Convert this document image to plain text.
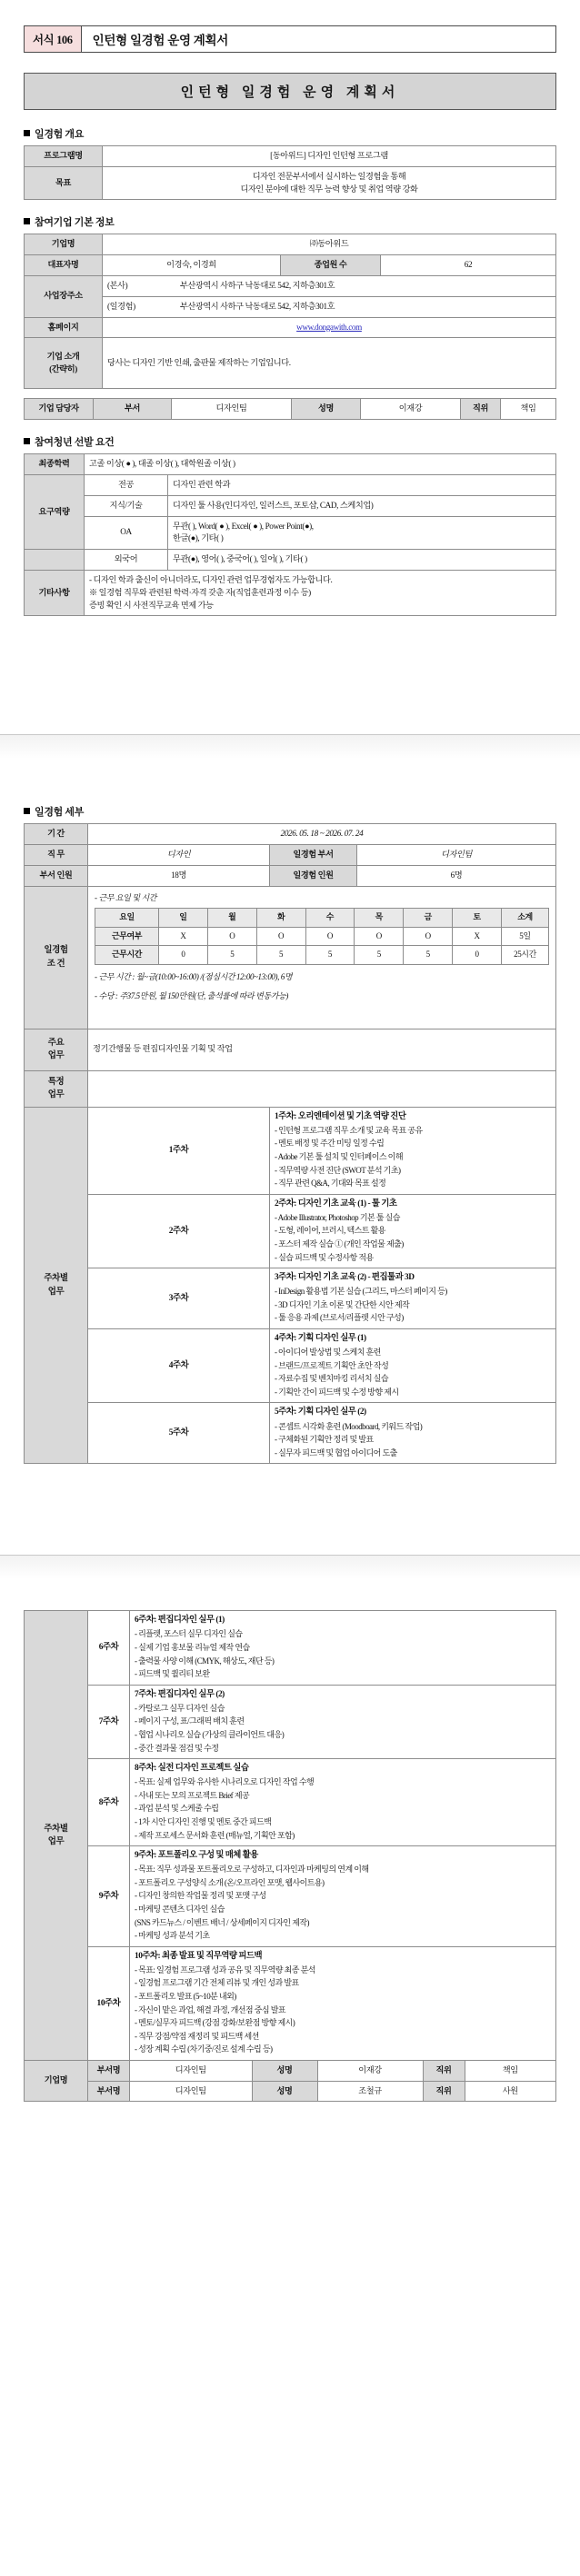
서식 106	인턴형 일경험 운영 계획서
인턴형 일경험 운영 계획서
일경험 개요
프로그램명	[동아위드] 디자인 인턴형 프로그램
목표	디자인 전문부서에서 실시하는 일경험을 통해
디자인 분야에 대한 직무 능력 향상 및 취업 역량 강화
참여기업 기본 정보
기업명	㈜동아위드		
대표자명	이경숙, 이경희	종업원 수	62
사업장주소	(본사) 부산광역시 사하구 낙동대로 542, 지하층301호		
	(일경험) 부산광역시 사하구 낙동대로 542, 지하층301호		
홈페이지	www.dongawith.com		

기업 소개
(간략히)	당사는 디자인 기반 인쇄, 출판물 제작하는 기업입니다.		
기업 담당자	부서	디자인팀	성명	이재강	직위	책임
참여청년 선발 요건
최종학력	고졸 이상( ● ), 대졸 이상( ), 대학원졸 이상( )	
요구역량	전공	디자인 관련 학과
	지식/기술	디자인 툴 사용(인디자인, 일러스트, 포토샵, CAD, 스케치업)
	OA	무관( ), Word( ● ), Excel( ● ), Power Point(●),
한글(●), 기타( )

	외국어	무관(●), 영어( ), 중국어( ), 일어( ), 기타( )
기타사항	- 디자인 학과 출신이 아니더라도, 디자인 관련 업무경험자도 가능합니다.
※ 일경험 직무와 관련된 학력·자격 갖춘 자(직업훈련과정 이수 등)
증빙 확인 시 사전직무교육 면제 가능	
일경험 세부
기 간	2026. 05. 18 ~ 2026. 07. 24
직 무	디자인	일경험 부서	디자인팀
부서 인원	18명	일경험 인원	6명

일경험
조 건

- 근무 요일 및 시간
요일	일	월	화	수	목	금	토	소계
근무여부	X	O	O	O	O	O	X	5일
근무시간	0	5	5	5	5	5	0	25시간
- 근무 시간 : 월~금(10:00~16:00) /(점심시간 12:00~13:00), 6명
- 수당 : 주37.5만원, 월 150만원(단, 출석률에 따라 변동가능)

주요
업무
	정기간행물 등 편집디자인물 기획 및 작업

특정
업무

주차별
업무
	1주차	
1주차: 오리엔테이션 및 기초 역량 진단
- 인턴형 프로그램 직무 소개 및 교육 목표 공유
- 멘토 배정 및 주간 미팅 일정 수립
- Adobe 기본 툴 설치 및 인터페이스 이해
- 직무역량 사전 진단 (SWOT 분석 기초)
- 직무 관련 Q&A, 기대와 목표 설정

2주차	
2주차: 디자인 기초 교육 (1) - 툴 기초
- Adobe Illustrator, Photoshop 기본 툴 실습
- 도형, 레이어, 브러시, 텍스트 활용
- 포스터 제작 실습 ① (개인 작업물 제출)
- 실습 피드백 및 수정사항 적용

3주차	
3주차: 디자인 기초 교육 (2) - 편집툴과 3D
- InDesign 활용법 기본 실습 (그리드, 마스터 페이지 등)
- 3D 디자인 기초 이론 및 간단한 시안 제작
- 툴 응용 과제 (브로서/리플렛 시안 구성)

4주차	
4주차: 기획 디자인 실무 (1)
- 아이디어 발상법 및 스케치 훈련
- 브랜드/프로젝트 기획안 초안 작성
- 자료수집 및 벤치마킹 리서치 실습
- 기획안 간이 피드백 및 수정 방향 제시

5주차	
5주차: 기획 디자인 실무 (2)
- 콘셉트 시각화 훈련 (Moodboard, 키워드 작업)
- 구체화된 기획안 정리 및 발표
- 실무자 피드백 및 협업 아이디어 도출
주차별
업무
	6주차	
6주차: 편집디자인 실무 (1)
- 리플렛, 포스터 실무 디자인 실습
- 실제 기업 홍보물 리뉴얼 제작 연습
- 출력물 사양 이해 (CMYK, 해상도, 재단 등)
- 피드백 및 퀄리티 보완

7주차	
7주차: 편집디자인 실무 (2)
- 카탈로그 실무 디자인 실습
- 페이지 구성, 표/그래픽 배치 훈련
- 협업 시나리오 실습 (가상의 클라이언트 대응)
- 중간 결과물 점검 및 수정

8주차	
8주차: 실전 디자인 프로젝트 실습
- 목표: 실제 업무와 유사한 시나리오로 디자인 작업 수행
- 사내 또는 모의 프로젝트 Brief 제공
- 과업 분석 및 스케줄 수립
- 1차 시안 디자인 진행 및 멘토 중간 피드백
- 제작 프로세스 문서화 훈련 (매뉴얼, 기획안 포함)

9주차	
9주차: 포트폴리오 구성 및 매체 활용
- 목표: 직무 성과물 포트폴리오로 구성하고, 디자인과 마케팅의 연계 이해
- 포트폴리오 구성양식 소개 (온/오프라인 포맷, 웹사이트용)
- 디자인 창의한 작업물 정리 및 포맷 구성
- 마케팅 콘텐츠 디자인 실습
(SNS 카드뉴스 / 이벤트 배너 / 상세페이지 디자인 제작)
- 마케팅 성과 분석 기초

10주차	
10주차: 최종 발표 및 직무역량 피드백
- 목표: 일경험 프로그램 성과 공유 및 직무역량 최종 분석
- 일경험 프로그램 기간 전체 리뷰 및 개인 성과 발표
- 포트폴리오 발표 (5~10분 내외)
- 자신이 맡은 과업, 해결 과정, 개선점 중심 발표
- 멘토/실무자 피드백 (강점 강화/보완점 방향 제시)
- 직무 강점/약점 재정리 및 피드백 세션
- 성장 계획 수립 (차기중/진로 설계 수립 등)

기업명	부서명		디자인팀	성명	이재강	직위	책임

부서명		디자인팀	성명	조철규	직위	사원
